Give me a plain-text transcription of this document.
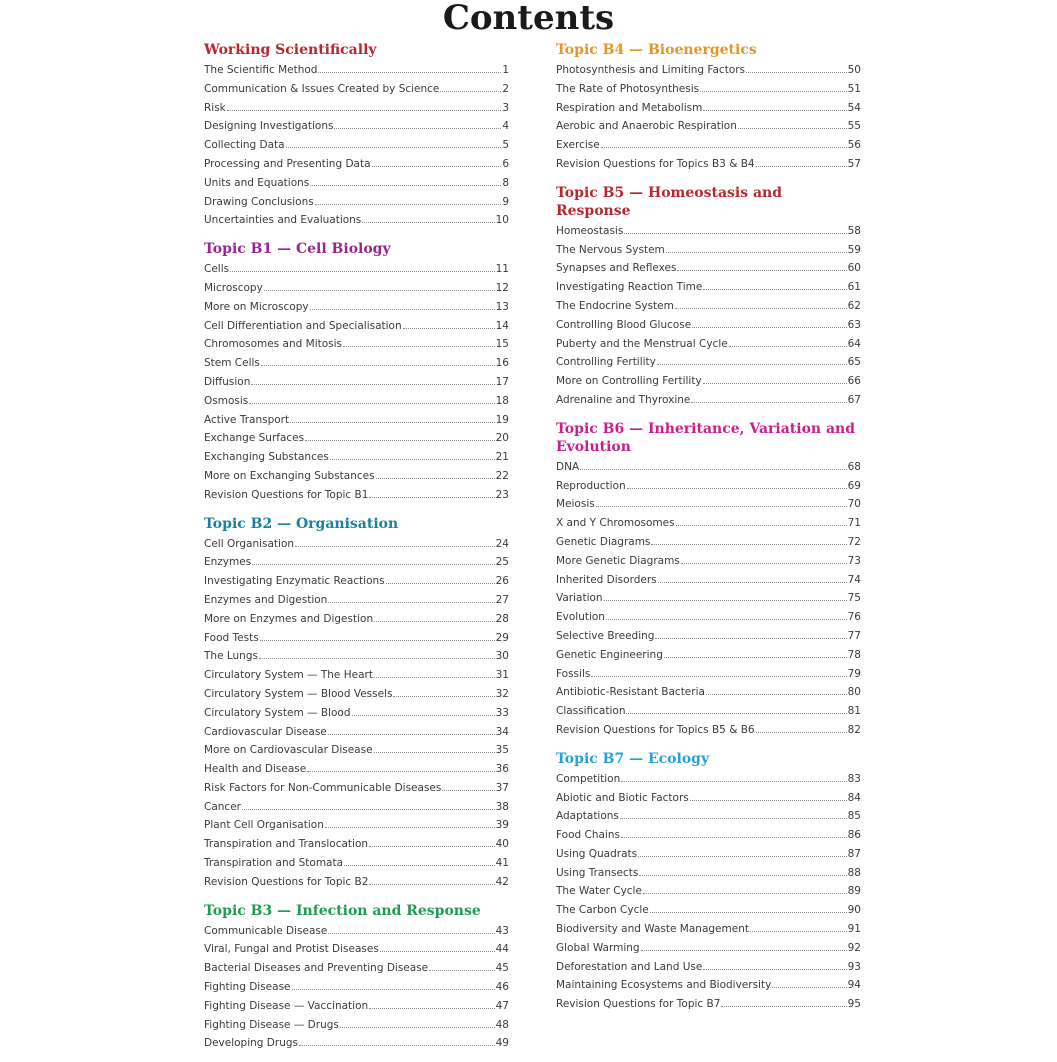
Contents
Working Scientifically
The Scientific Method	1
Communication & Issues Created by Science	2
Risk	3
Designing Investigations	4
Collecting Data	5
Processing and Presenting Data	6
Units and Equations	8
Drawing Conclusions	9
Uncertainties and Evaluations	10
Topic B1 — Cell Biology
Cells	11
Microscopy	12
More on Microscopy	13
Cell Differentiation and Specialisation	14
Chromosomes and Mitosis	15
Stem Cells	16
Diffusion	17
Osmosis	18
Active Transport	19
Exchange Surfaces	20
Exchanging Substances	21
More on Exchanging Substances	22
Revision Questions for Topic B1	23
Topic B2 — Organisation
Cell Organisation	24
Enzymes	25
Investigating Enzymatic Reactions	26
Enzymes and Digestion	27
More on Enzymes and Digestion	28
Food Tests	29
The Lungs	30
Circulatory System — The Heart	31
Circulatory System — Blood Vessels	32
Circulatory System — Blood	33
Cardiovascular Disease	34
More on Cardiovascular Disease	35
Health and Disease	36
Risk Factors for Non-Communicable Diseases	37
Cancer	38
Plant Cell Organisation	39
Transpiration and Translocation	40
Transpiration and Stomata	41
Revision Questions for Topic B2	42
Topic B3 — Infection and Response
Communicable Disease	43
Viral, Fungal and Protist Diseases	44
Bacterial Diseases and Preventing Disease	45
Fighting Disease	46
Fighting Disease — Vaccination	47
Fighting Disease — Drugs	48
Developing Drugs	49
Topic B4 — Bioenergetics
Photosynthesis and Limiting Factors	50
The Rate of Photosynthesis	51
Respiration and Metabolism	54
Aerobic and Anaerobic Respiration	55
Exercise	56
Revision Questions for Topics B3 & B4	57
Topic B5 — Homeostasis and Response
Homeostasis	58
The Nervous System	59
Synapses and Reflexes	60
Investigating Reaction Time	61
The Endocrine System	62
Controlling Blood Glucose	63
Puberty and the Menstrual Cycle	64
Controlling Fertility	65
More on Controlling Fertility	66
Adrenaline and Thyroxine	67
Topic B6 — Inheritance, Variation and Evolution
DNA	68
Reproduction	69
Meiosis	70
X and Y Chromosomes	71
Genetic Diagrams	72
More Genetic Diagrams	73
Inherited Disorders	74
Variation	75
Evolution	76
Selective Breeding	77
Genetic Engineering	78
Fossils	79
Antibiotic-Resistant Bacteria	80
Classification	81
Revision Questions for Topics B5 & B6	82
Topic B7 — Ecology
Competition	83
Abiotic and Biotic Factors	84
Adaptations	85
Food Chains	86
Using Quadrats	87
Using Transects	88
The Water Cycle	89
The Carbon Cycle	90
Biodiversity and Waste Management	91
Global Warming	92
Deforestation and Land Use	93
Maintaining Ecosystems and Biodiversity	94
Revision Questions for Topic B7	95
